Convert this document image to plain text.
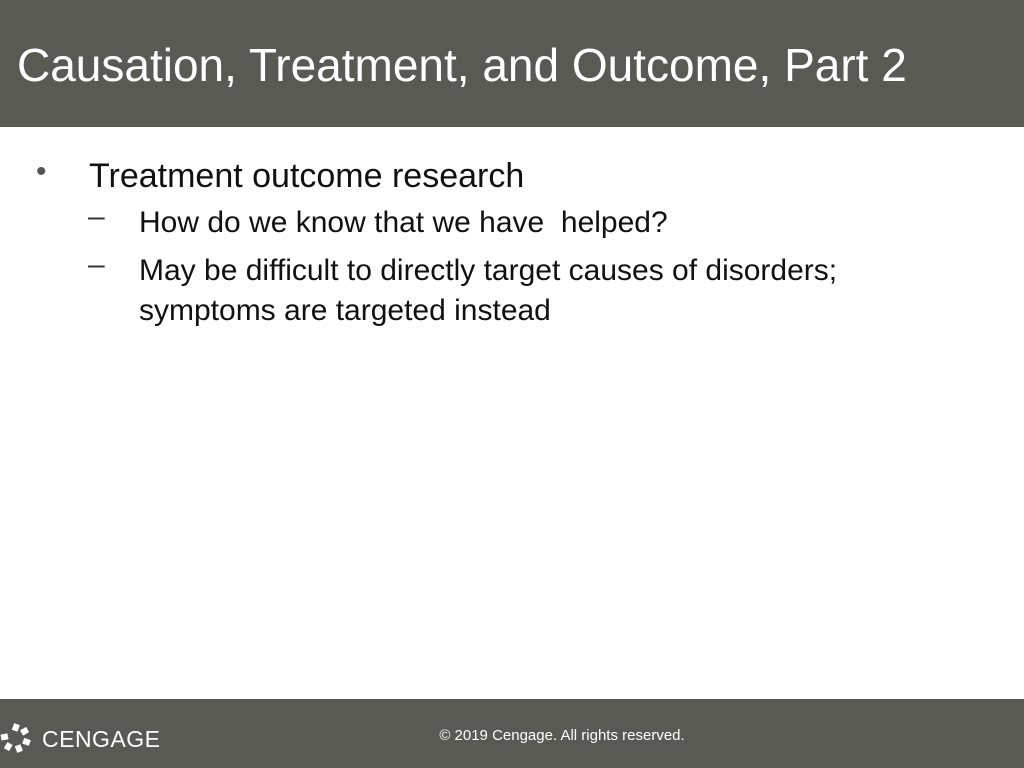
Causation, Treatment, and Outcome, Part 2
• Treatment outcome research
– How do we know that we have  helped?
– May be difficult to directly target causes of disorders; symptoms are targeted instead
CENGAGE	© 2019 Cengage. All rights reserved.
